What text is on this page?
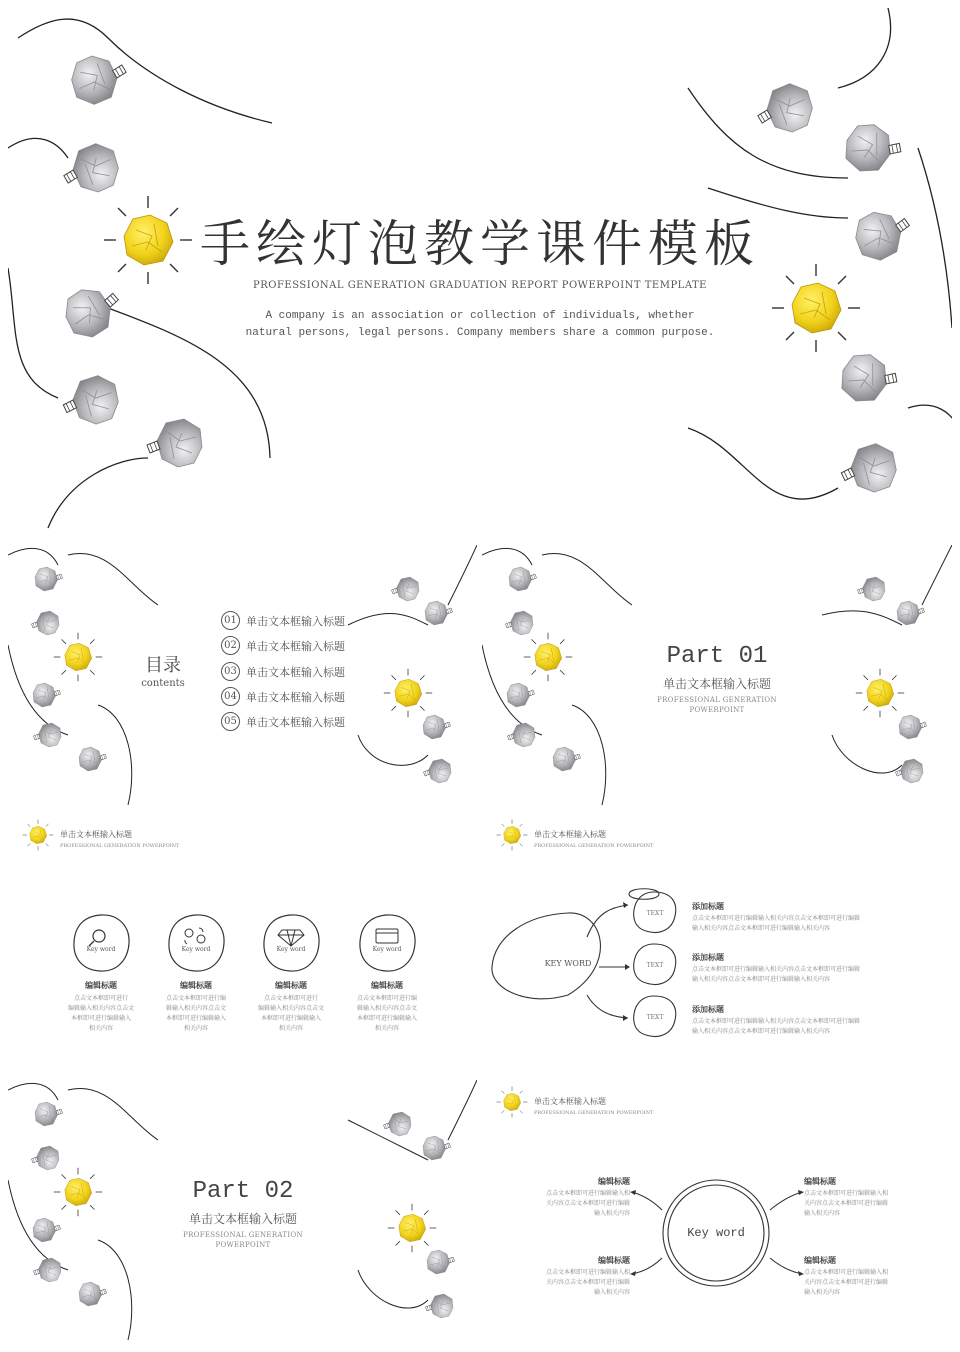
手绘灯泡教学课件模板
PROFESSIONAL GENERATION GRADUATION REPORT POWERPOINT TEMPLATE
A company is an association or collection of individuals, whether
natural persons, legal persons. Company members share a common purpose.
目录
contents
01 单击文本框输入标题
02 单击文本框输入标题
03 单击文本框输入标题
04 单击文本框输入标题
05 单击文本框输入标题
Part 01
单击文本框输入标题
PROFESSIONAL GENERATION
POWERPOINT
单击文本框输入标题
PROFESSIONAL GENERATION POWERPOINT
Key word	Key word	Key word	Key word
编辑标题
点击文本框即可进行
编辑输入相关内容点击文
本框即可进行编辑输入
相关内容
编辑标题
点击文本框即可进行编
辑输入相关内容点击文
本框即可进行编辑输入
相关内容
编辑标题
点击文本框即可进行
编辑输入相关内容点击文
本框即可进行编辑输入
相关内容
编辑标题
点击文本框即可进行编
辑输入相关内容点击文
本框即可进行编辑输入
相关内容
单击文本框输入标题
PROFESSIONAL GENERATION POWERPOINT
KEY WORD
TEXT
TEXT
TEXT
添加标题
点击文本框即可进行编辑输入相关内容点击文本框即可进行编辑
输入相关内容点击文本框即可进行编辑输入相关内容
添加标题
点击文本框即可进行编辑输入相关内容点击文本框即可进行编辑
输入相关内容点击文本框即可进行编辑输入相关内容
添加标题
点击文本框即可进行编辑输入相关内容点击文本框即可进行编辑
输入相关内容点击文本框即可进行编辑输入相关内容
Part 02
单击文本框输入标题
PROFESSIONAL GENERATION
POWERPOINT
单击文本框输入标题
PROFESSIONAL GENERATION POWERPOINT
Key word
编辑标题
点击文本框即可进行编辑输入相
关内容点击文本框即可进行编辑
输入相关内容
编辑标题
点击文本框即可进行编辑输入相
关内容点击文本框即可进行编辑
输入相关内容
编辑标题
点击文本框即可进行编辑输入相
关内容点击文本框即可进行编辑
输入相关内容
编辑标题
点击文本框即可进行编辑输入相
关内容点击文本框即可进行编辑
输入相关内容
